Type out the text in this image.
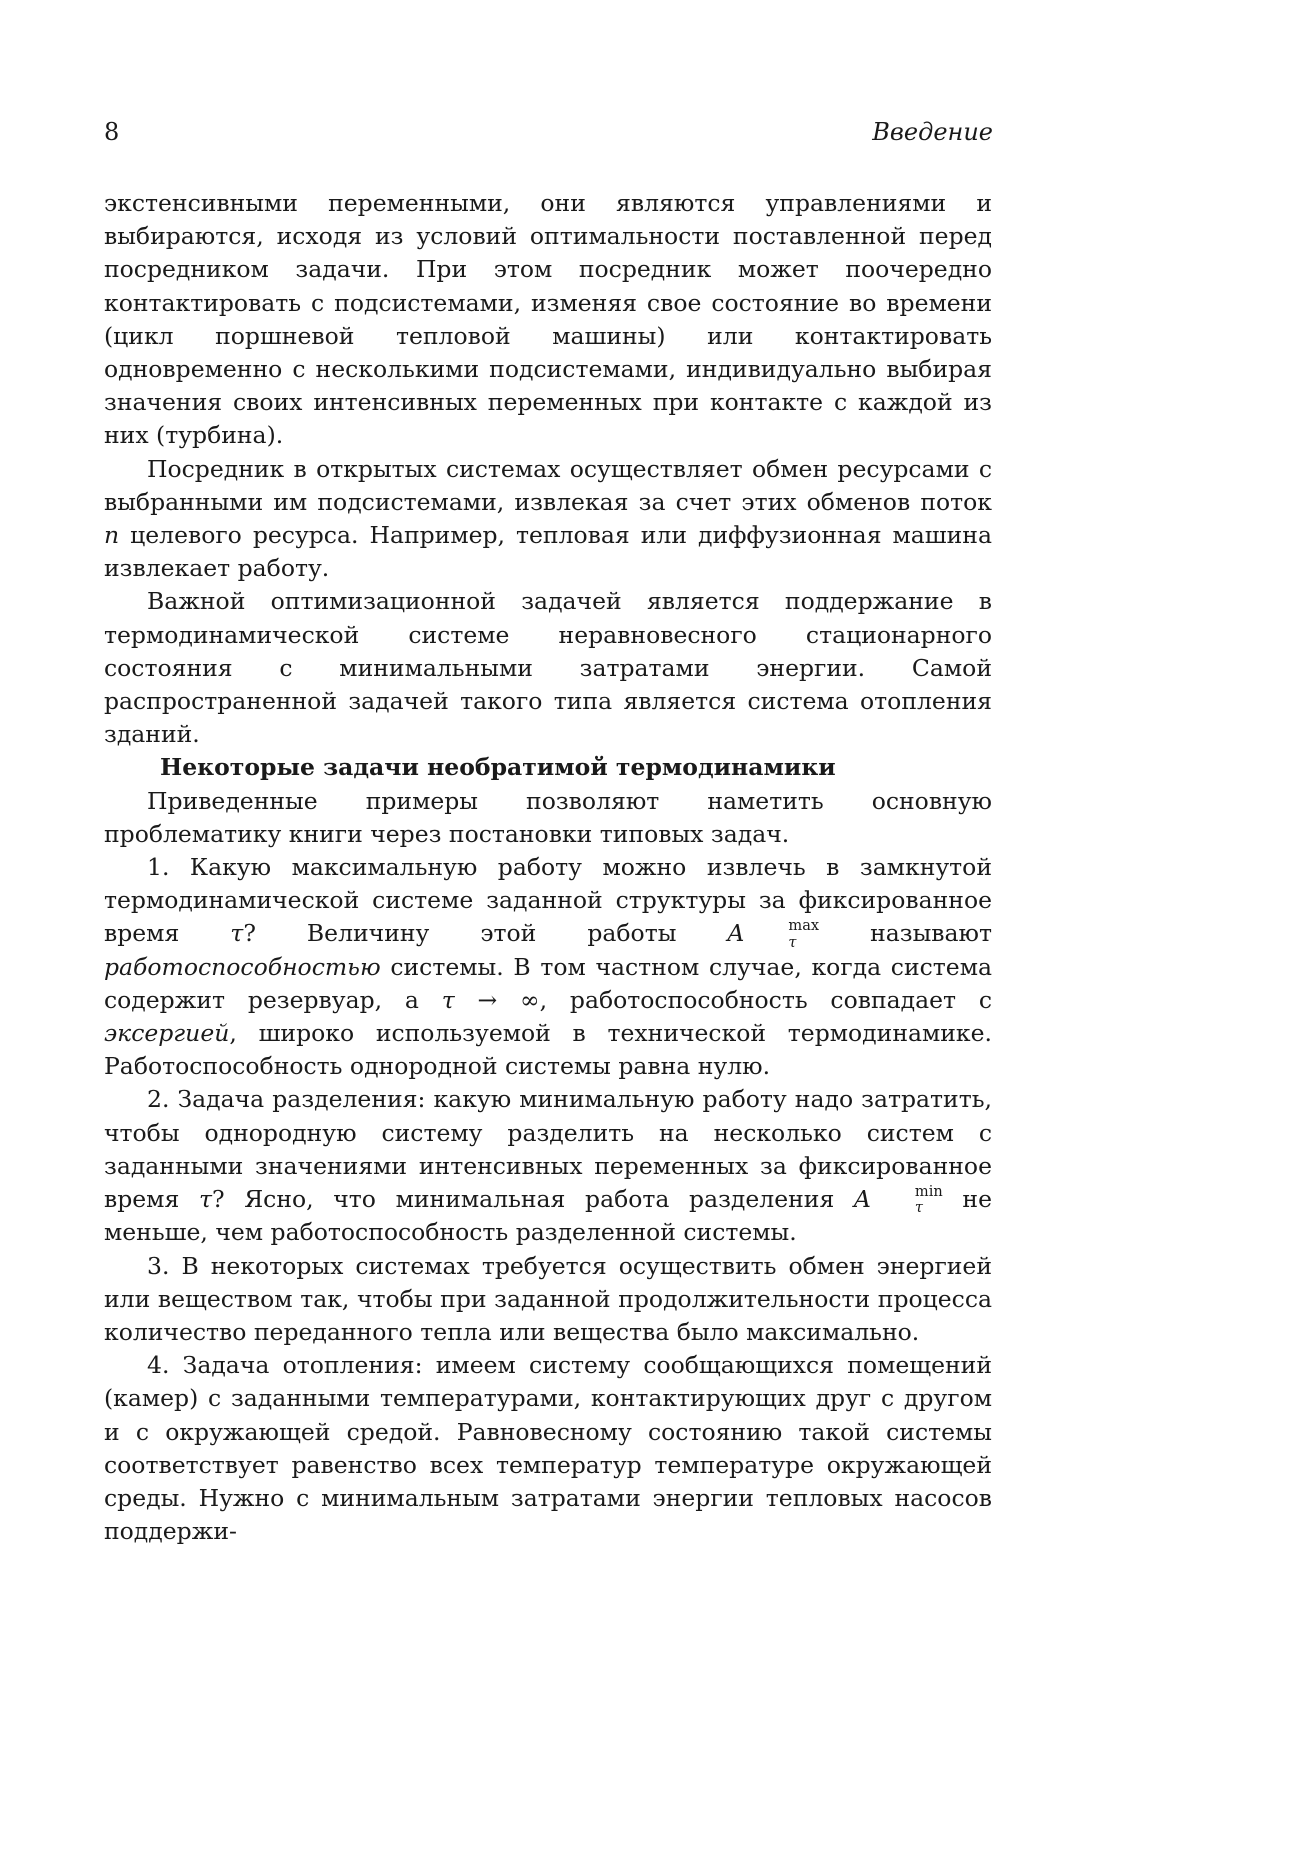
8	Введение

экстенсивными переменными, они являются управлениями и выбираются, исходя из условий оптимальности поставленной перед посредником задачи. При этом посредник может поочередно контактировать с подсистемами, изменяя свое состояние во времени (цикл поршневой тепловой машины) или контактировать одновременно с несколькими подсистемами, индивидуально выбирая значения своих интенсивных переменных при контакте с каждой из них (турбина).

Посредник в открытых системах осуществляет обмен ресурсами с выбранными им подсистемами, извлекая за счет этих обменов поток n целевого ресурса. Например, тепловая или диффузионная машина извлекает работу.

Важной оптимизационной задачей является поддержание в термодинамической системе неравновесного стационарного состояния с минимальными затратами энергии. Самой распространенной задачей такого типа является система отопления зданий.

Некоторые задачи необратимой термодинамики

Приведенные примеры позволяют наметить основную проблематику книги через постановки типовых задач.

1. Какую максимальную работу можно извлечь в замкнутой термодинамической системе заданной структуры за фиксированное время τ? Величину этой работы A	max
τ называют работоспособностью системы. В том частном случае, когда система содержит резервуар, а τ → ∞, работоспособность совпадает с эксергией, широко используемой в технической термодинамике. Работоспособность однородной системы равна нулю.

2. Задача разделения: какую минимальную работу надо затратить, чтобы однородную систему разделить на несколько систем с заданными значениями интенсивных переменных за фиксированное время τ? Ясно, что минимальная работа разделения A	min
τ не меньше, чем работоспособность разделенной системы.

3. В некоторых системах требуется осуществить обмен энергией или веществом так, чтобы при заданной продолжительности процесса количество переданного тепла или вещества было максимально.

4. Задача отопления: имеем систему сообщающихся помещений (камер) с заданными температурами, контактирующих друг с другом и с окружающей средой. Равновесному состоянию такой системы соответствует равенство всех температур температуре окружающей среды. Нужно с минимальным затратами энергии тепловых насосов поддержи-
